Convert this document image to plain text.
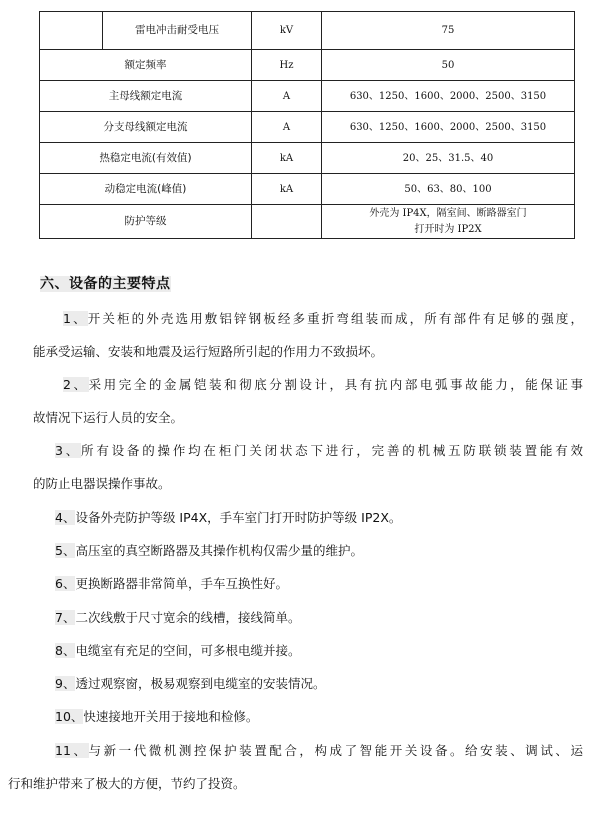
	雷电冲击耐受电压	kV	75
额定频率		Hz	50
主母线额定电流		A	630、1250、1600、2000、2500、3150
分支母线额定电流		A	630、1250、1600、2000、2500、3150
热稳定电流(有效值)		kA	20、25、31.5、40
动稳定电流(峰值)		kA	50、63、80、100
防护等级			外壳为 IP4X，隔室间、断路器室门
打开时为 IP2X
六、设备的主要特点

1、开关柜的外壳选用敷铝锌钢板经多重折弯组装而成，所有部件有足够的强度，
能承受运输、安装和地震及运行短路所引起的作用力不致损坏。

2、采用完全的金属铠装和彻底分割设计，具有抗内部电弧事故能力，能保证事
故情况下运行人员的安全。

3、所有设备的操作均在柜门关闭状态下进行，完善的机械五防联锁装置能有效
的防止电器误操作事故。

4、设备外壳防护等级 IP4X，手车室门打开时防护等级 IP2X。

5、高压室的真空断路器及其操作机构仅需少量的维护。

6、更换断路器非常简单，手车互换性好。

7、二次线敷于尺寸宽余的线槽，接线简单。

8、电缆室有充足的空间，可多根电缆并接。

9、透过观察窗，极易观察到电缆室的安装情况。

10、快速接地开关用于接地和检修。

11、与新一代微机测控保护装置配合，构成了智能开关设备。给安装、调试、运
行和维护带来了极大的方便，节约了投资。
